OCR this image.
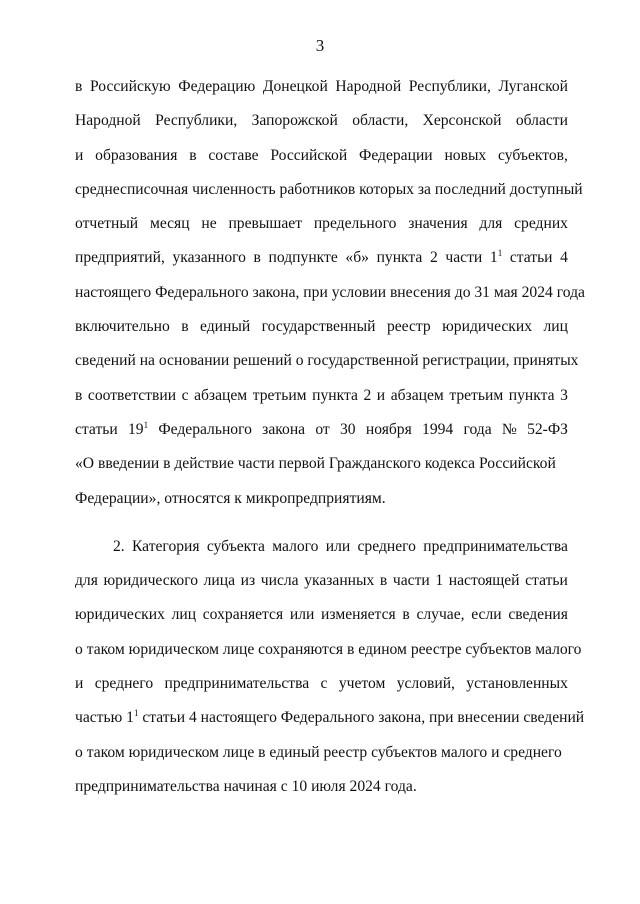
3
в Российскую Федерацию Донецкой Народной Республики, Луганской
Народной Республики, Запорожской области, Херсонской области
и образования в составе Российской Федерации новых субъектов,
среднесписочная численность работников которых за последний доступный
отчетный месяц не превышает предельного значения для средних
предприятий, указанного в подпункте «б» пункта 2 части $1^1$ статьи 4
настоящего Федерального закона, при условии внесения до 31 мая 2024 года
включительно в единый государственный реестр юридических лиц
сведений на основании решений о государственной регистрации, принятых
в соответствии с абзацем третьим пункта 2 и абзацем третьим пункта 3
статьи $19^1$ Федерального закона от 30 ноября 1994 года № 52-ФЗ
«О введении в действие части первой Гражданского кодекса Российской
Федерации», относятся к микропредприятиям.
2. Категория субъекта малого или среднего предпринимательства
для юридического лица из числа указанных в части 1 настоящей статьи
юридических лиц сохраняется или изменяется в случае, если сведения
о таком юридическом лице сохраняются в едином реестре субъектов малого
и среднего предпринимательства с учетом условий, установленных
частью $1^1$ статьи 4 настоящего Федерального закона, при внесении сведений
о таком юридическом лице в единый реестр субъектов малого и среднего
предпринимательства начиная с 10 июля 2024 года.
